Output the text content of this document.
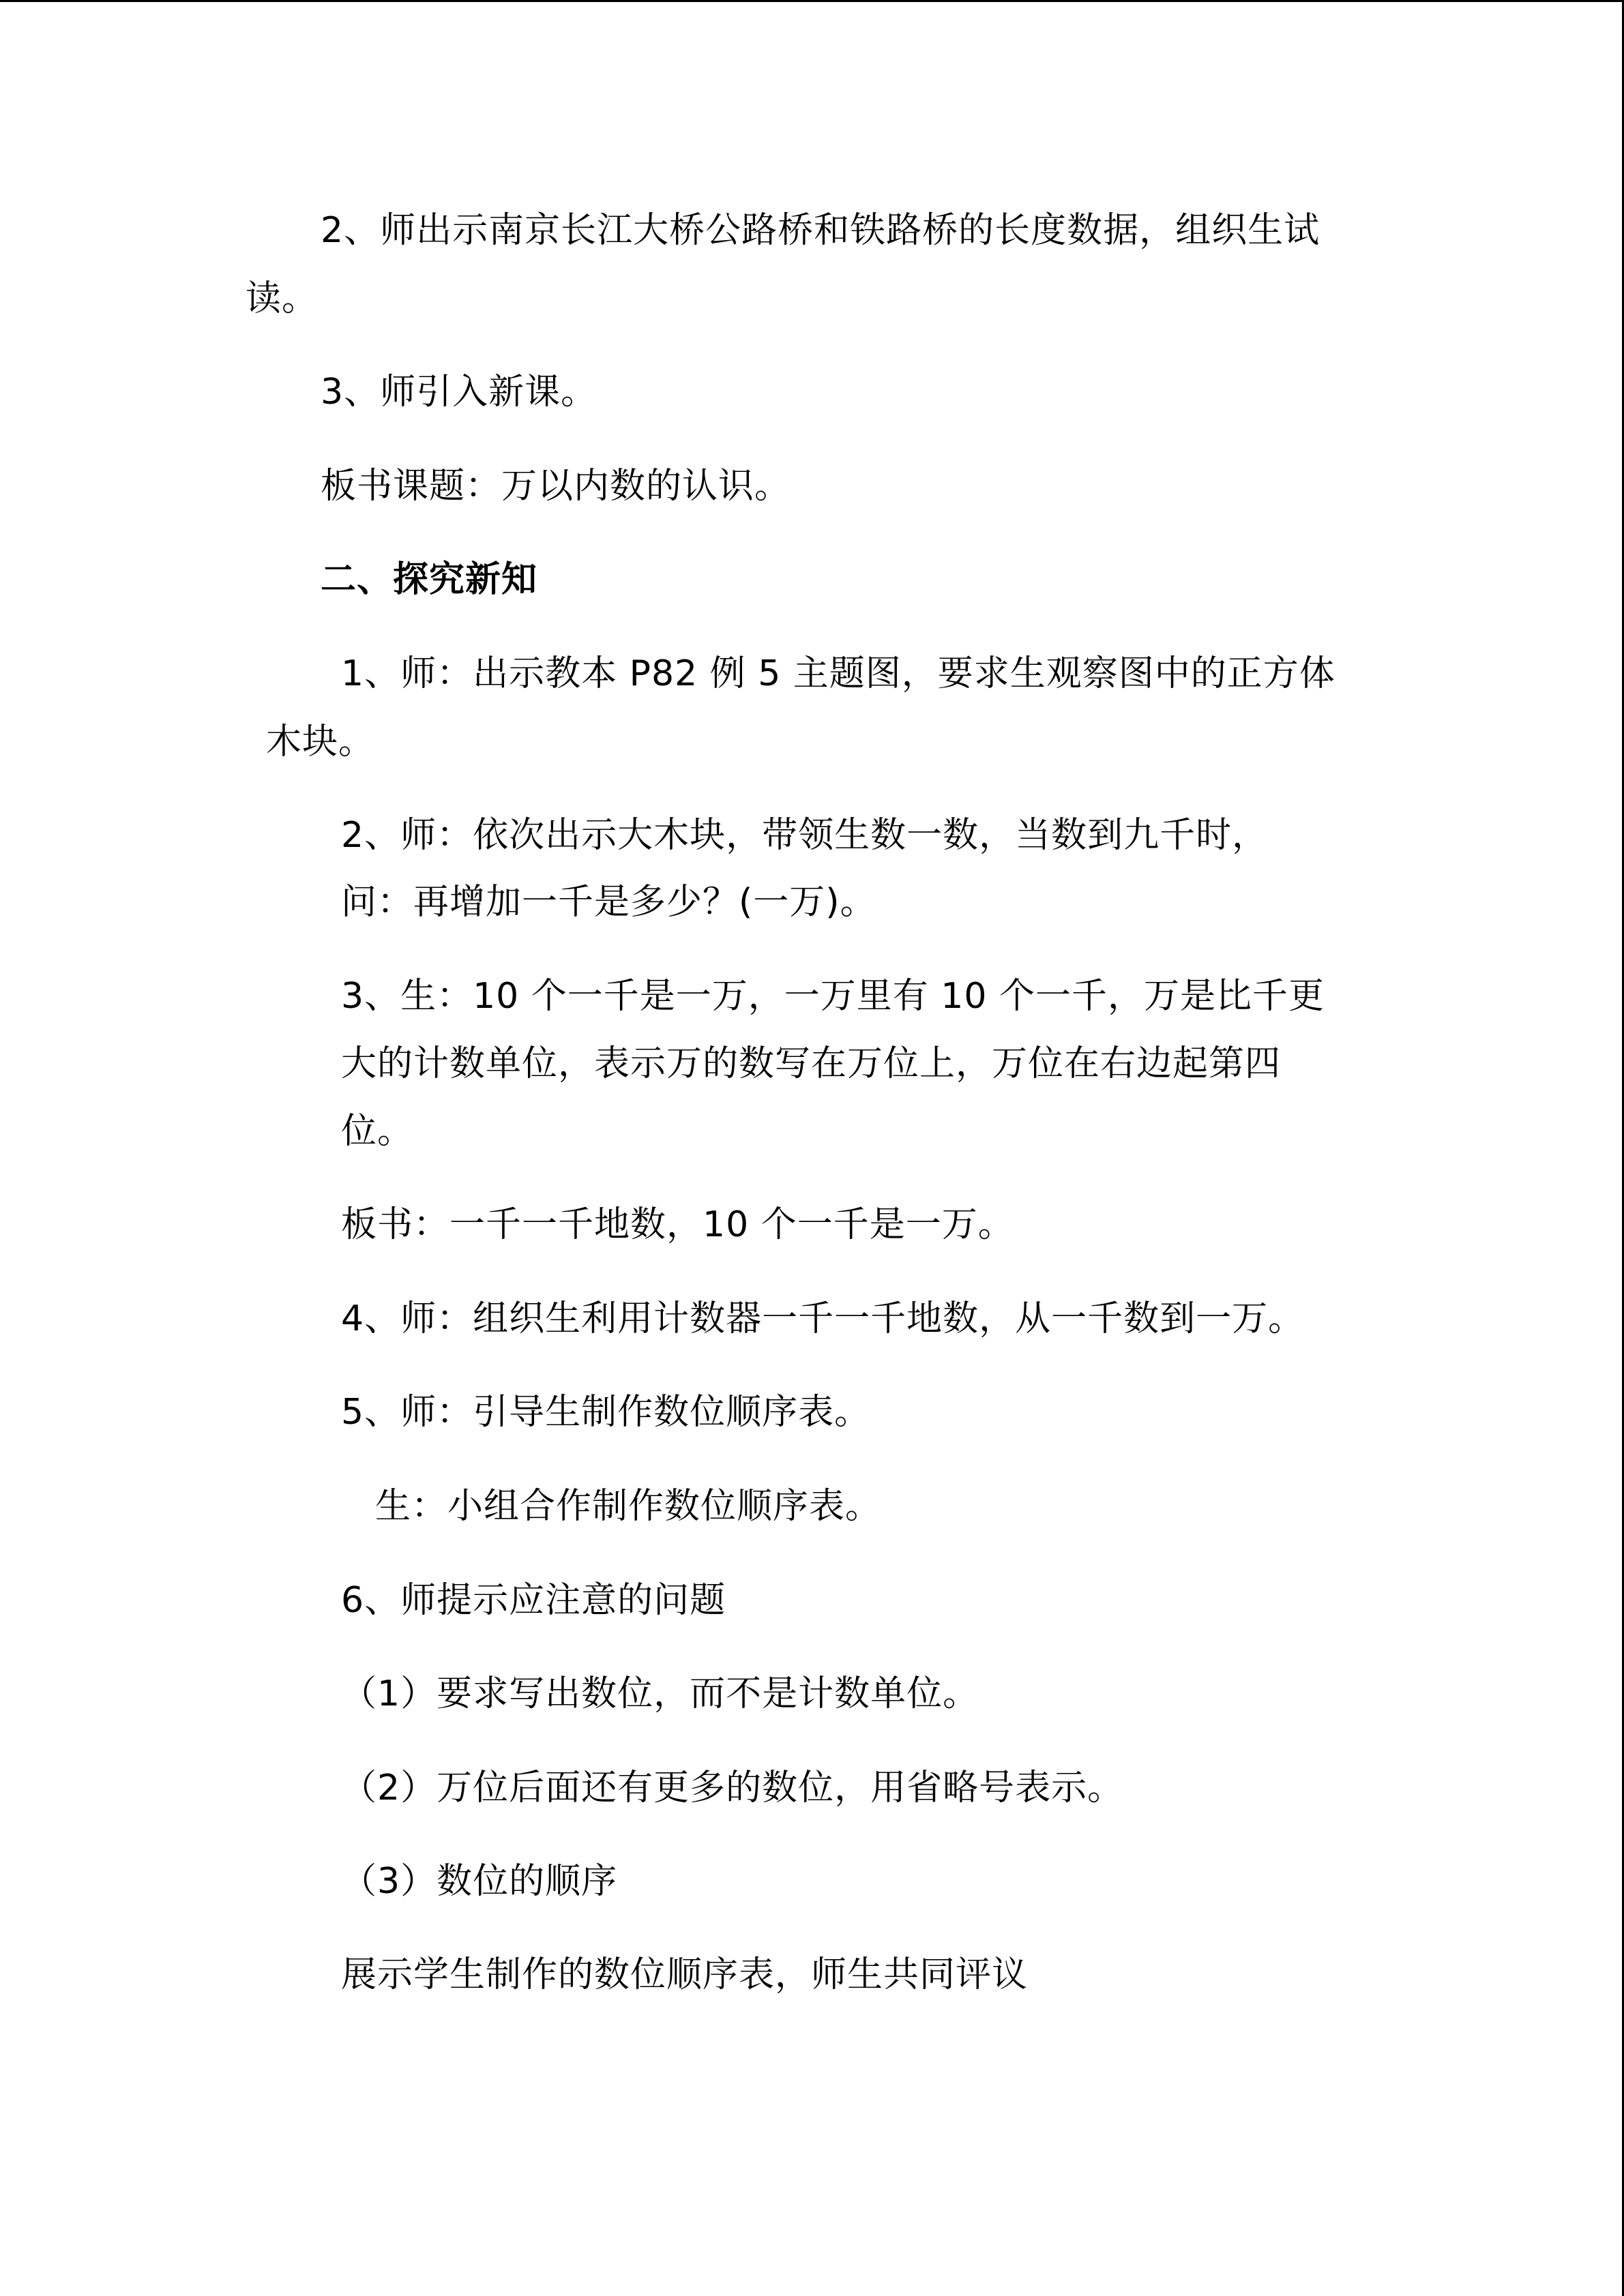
2、师出示南京长江大桥公路桥和铁路桥的长度数据，组织生试
读。
3、师引入新课。
板书课题：万以内数的认识。
二、探究新知
1、师：出示教本 P82 例 5 主题图，要求生观察图中的正方体
木块。
2、师：依次出示大木块，带领生数一数，当数到九千时，
问：再增加一千是多少？(一万)。
3、生：10 个一千是一万，一万里有 10 个一千，万是比千更
大的计数单位，表示万的数写在万位上，万位在右边起第四
位。
板书：一千一千地数，10 个一千是一万。
4、师：组织生利用计数器一千一千地数，从一千数到一万。
5、师：引导生制作数位顺序表。
生：小组合作制作数位顺序表。
6、师提示应注意的问题
（1）要求写出数位，而不是计数单位。
（2）万位后面还有更多的数位，用省略号表示。
（3）数位的顺序
展示学生制作的数位顺序表，师生共同评议
